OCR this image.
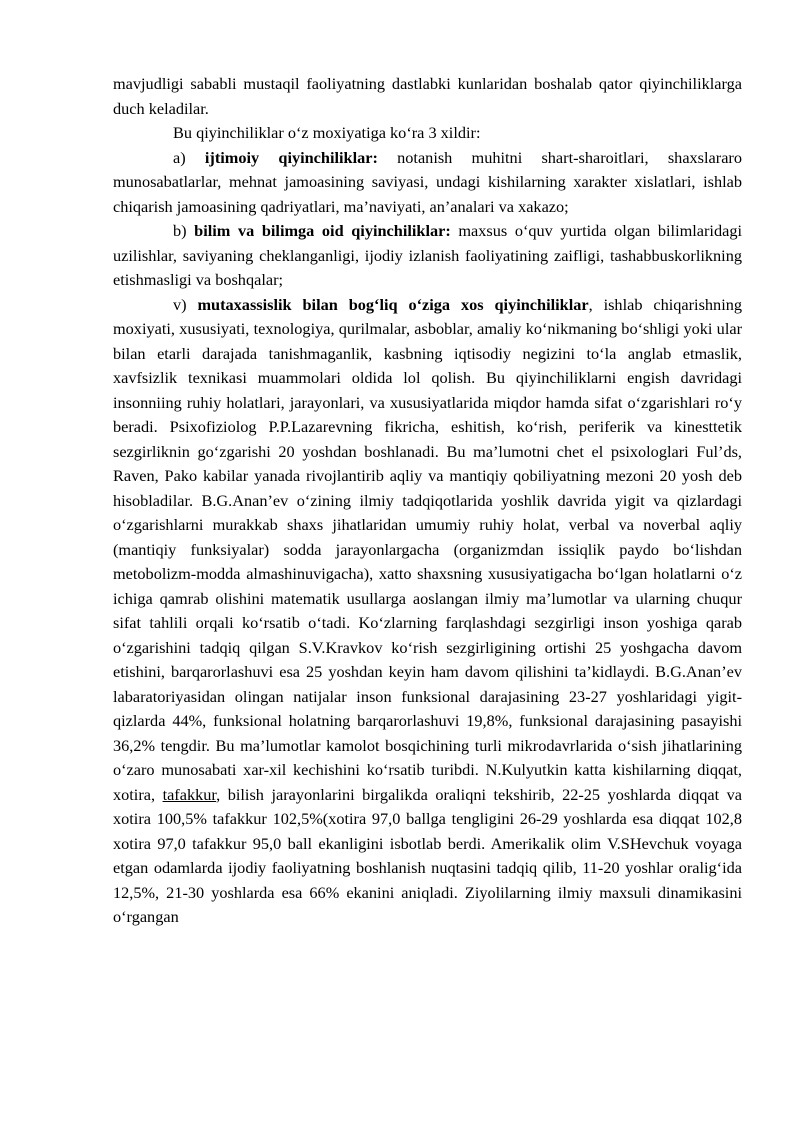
mavjudligi sababli mustaqil faoliyatning dastlabki kunlaridan boshalab qator qiyinchiliklarga duch keladilar.

Bu qiyinchiliklar o‘z moxiyatiga ko‘ra 3 xildir:

a) ijtimoiy qiyinchiliklar: notanish muhitni shart-sharoitlari, shaxslararo munosabatlarlar, mehnat jamoasining saviyasi, undagi kishilarning xarakter xislatlari, ishlab chiqarish jamoasining qadriyatlari, ma’naviyati, an’analari va xakazo;

b) bilim va bilimga oid qiyinchiliklar: maxsus o‘quv yurtida olgan bilimlaridagi uzilishlar, saviyaning cheklanganligi, ijodiy izlanish faoliyatining zaifligi, tashabbuskorlikning etishmasligi va boshqalar;

v) mutaxassislik bilan bog‘liq o‘ziga xos qiyinchiliklar, ishlab chiqarishning moxiyati, xususiyati, texnologiya, qurilmalar, asboblar, amaliy ko‘nikmaning bo‘shligi yoki ular bilan etarli darajada tanishmaganlik, kasbning iqtisodiy negizini to‘la anglab etmaslik, xavfsizlik texnikasi muammolari oldida lol qolish. Bu qiyinchiliklarni engish davridagi insonniing ruhiy holatlari, jarayonlari, va xususiyatlarida miqdor hamda sifat o‘zgarishlari ro‘y beradi. Psixofiziolog P.P.Lazarevning fikricha, eshitish, ko‘rish, periferik va kinesttetik sezgirliknin go‘zgarishi 20 yoshdan boshlanadi. Bu ma’lumotni chet el psixologlari Ful’ds, Raven, Pako kabilar yanada rivojlantirib aqliy va mantiqiy qobiliyatning mezoni 20 yosh deb hisobladilar. B.G.Anan’ev o‘zining ilmiy tadqiqotlarida yoshlik davrida yigit va qizlardagi o‘zgarishlarni murakkab shaxs jihatlaridan umumiy ruhiy holat, verbal va noverbal aqliy (mantiqiy funksiyalar) sodda jarayonlargacha (organizmdan issiqlik paydo bo‘lishdan metobolizm-modda almashinuvigacha), xatto shaxsning xususiyatigacha bo‘lgan holatlarni o‘z ichiga qamrab olishini matematik usullarga aoslangan ilmiy ma’lumotlar va ularning chuqur sifat tahlili orqali ko‘rsatib o‘tadi. Ko‘zlarning farqlashdagi sezgirligi inson yoshiga qarab o‘zgarishini tadqiq qilgan S.V.Kravkov ko‘rish sezgirligining ortishi 25 yoshgacha davom etishini, barqarorlashuvi esa 25 yoshdan keyin ham davom qilishini ta’kidlaydi. B.G.Anan’ev labaratoriyasidan olingan natijalar inson funksional darajasining 23-27 yoshlaridagi yigit-qizlarda 44%, funksional holatning barqarorlashuvi 19,8%, funksional darajasining pasayishi 36,2% tengdir. Bu ma’lumotlar kamolot bosqichining turli mikrodavrlarida o‘sish jihatlarining o‘zaro munosabati xar-xil kechishini ko‘rsatib turibdi. N.Kulyutkin katta kishilarning diqqat, xotira, tafakkur, bilish jarayonlarini birgalikda oraliqni tekshirib, 22-25 yoshlarda diqqat va xotira 100,5% tafakkur 102,5%(xotira 97,0 ballga tengligini 26-29 yoshlarda esa diqqat 102,8 xotira 97,0 tafakkur 95,0 ball ekanligini isbotlab berdi. Amerikalik olim V.SHevchuk voyaga etgan odamlarda ijodiy faoliyatning boshlanish nuqtasini tadqiq qilib, 11-20 yoshlar oralig‘ida 12,5%, 21-30 yoshlarda esa 66% ekanini aniqladi. Ziyolilarning ilmiy maxsuli dinamikasini o‘rgangan
